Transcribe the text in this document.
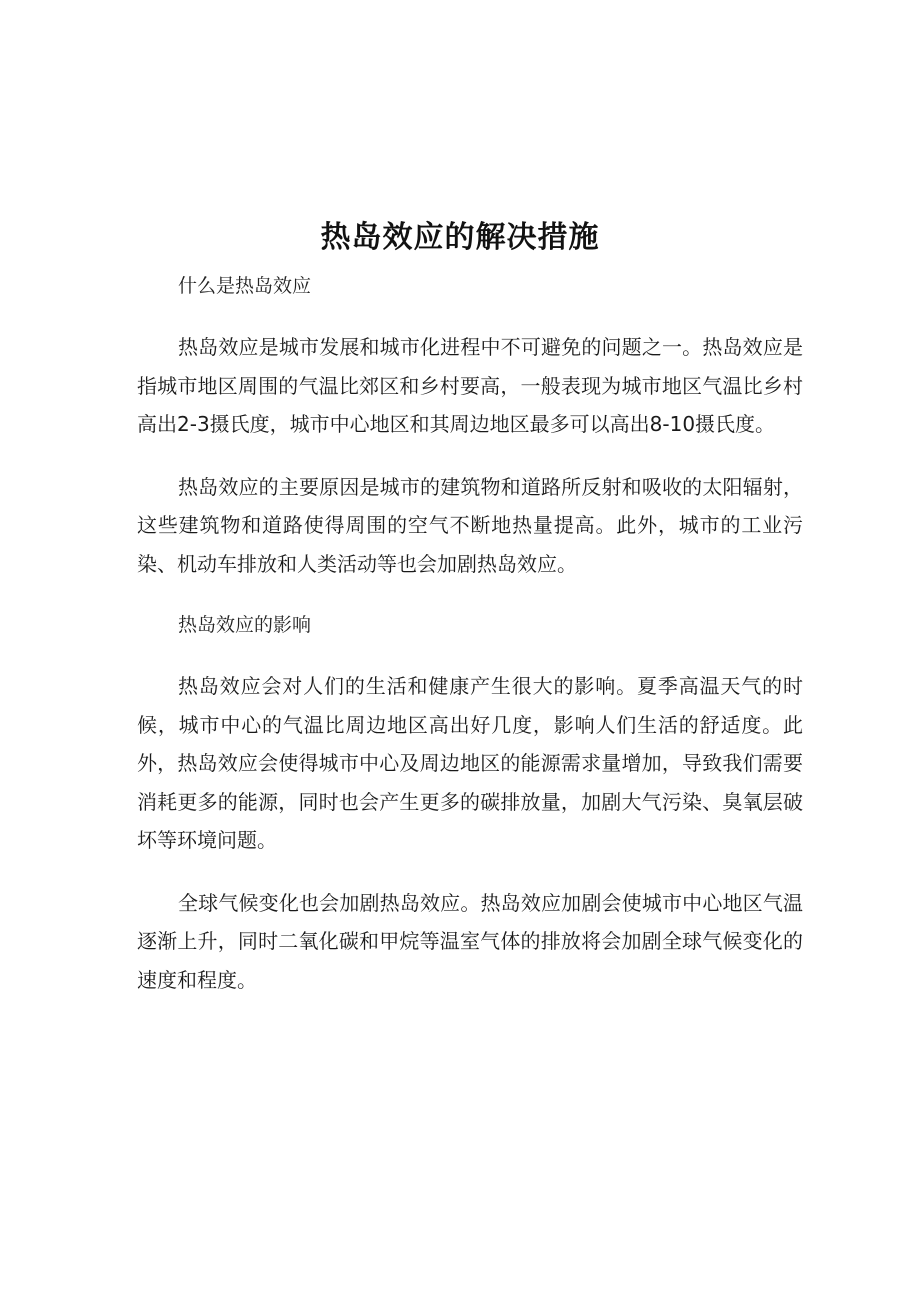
热岛效应的解决措施

什么是热岛效应

热岛效应是城市发展和城市化进程中不可避免的问题之一。热岛效应是指城市地区周围的气温比郊区和乡村要高，一般表现为城市地区气温比乡村高出2-3摄氏度，城市中心地区和其周边地区最多可以高出8-10摄氏度。

热岛效应的主要原因是城市的建筑物和道路所反射和吸收的太阳辐射，这些建筑物和道路使得周围的空气不断地热量提高。此外，城市的工业污染、机动车排放和人类活动等也会加剧热岛效应。

热岛效应的影响

热岛效应会对人们的生活和健康产生很大的影响。夏季高温天气的时候，城市中心的气温比周边地区高出好几度，影响人们生活的舒适度。此外，热岛效应会使得城市中心及周边地区的能源需求量增加，导致我们需要消耗更多的能源，同时也会产生更多的碳排放量，加剧大气污染、臭氧层破坏等环境问题。

全球气候变化也会加剧热岛效应。热岛效应加剧会使城市中心地区气温逐渐上升，同时二氧化碳和甲烷等温室气体的排放将会加剧全球气候变化的速度和程度。
